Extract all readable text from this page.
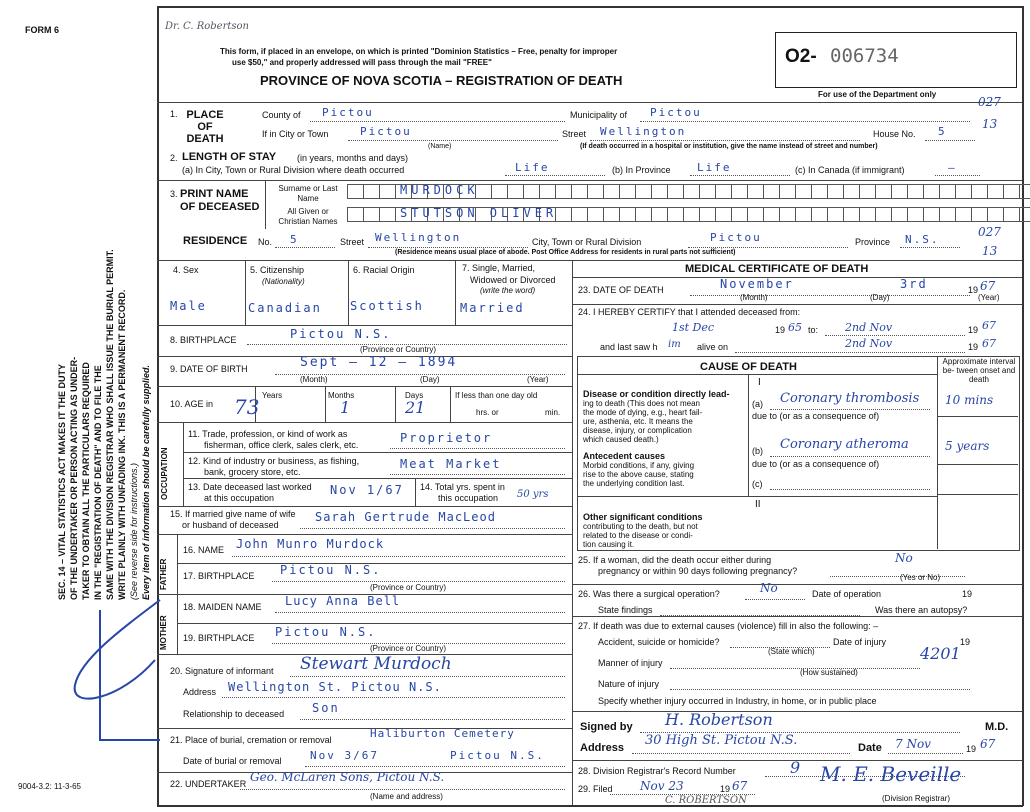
FORM 6
9004-3.2: 11-3-65
SEC. 14 – VITAL STATISTICS ACT MAKES IT THE DUTY OF THE UNDERTAKER OR PERSON ACTING AS UNDER- TAKER TO OBTAIN ALL THE PARTICULARS REQUIRED IN THE "REGISTRATION OF DEATH" AND TO FILE THE SAME WITH THE DIVISION REGISTRAR WHO SHALL ISSUE THE BURIAL PERMIT. WRITE PLAINLY WITH UNFADING INK. THIS IS A PERMANENT RECORD. (See reverse side for instructions.) Every item of information should be carefully supplied.
Dr. C. Robertson
This form, if placed in an envelope, on which is printed "Dominion Statistics – Free, penalty for improper
use $50," and properly addressed will pass through the mail "FREE"
PROVINCE OF NOVA SCOTIA – REGISTRATION OF DEATH
O2- 006734
For use of the Department only
027
13
1. PLACE OF DEATH
County of Pictou	Municipality of Pictou
If in City or Town	Pictou
(Name)
Street Wellington	House No. 5
(If death occurred in a hospital or institution, give the name instead of street and number)
2. LENGTH OF STAY (in years, months and days)
(a) In City, Town or Rural Division where death occurred	Life	(b) In Province Life	(c) In Canada (if immigrant)	—
3. PRINT NAME OF DECEASED
Surname or Last Name
All Given or Christian Names
MURDOCK
STUTSON OLIVER
RESIDENCE No. 5	Street Wellington	City, Town or Rural Division	Pictou	Province N.S.
027
13
(Residence means usual place of abode. Post Office Address for residents in rural parts not sufficient)
4. Sex
Male
5. Citizenship
(Nationality)
Canadian
6. Racial Origin
Scottish
7. Single, Married,
Widowed or Divorced
(write the word)
Married
8. BIRTHPLACE	Pictou N.S.
(Province or Country)
9. DATE OF BIRTH	Sept – 12 – 1894
(Month)	(Day)	(Year)
10. AGE in
Years	Months	Days
73	1	21
If less than one day old
hrs. or	min.
OCCUPATION
11. Trade, profession, or kind of work as
fisherman, office clerk, sales clerk, etc.	Proprietor
12. Kind of industry or business, as fishing,
bank, grocery store, etc.
Meat Market
13. Date deceased last worked
at this occupation
Nov 1/67 14. Total yrs. spent in
this occupation 50 yrs
15. If married give name of wife
or husband of deceased
Sarah Gertrude MacLeod
FATHER
16. NAME John Munro Murdock
17. BIRTHPLACE Pictou N.S.
(Province or Country)
MOTHER
18. MAIDEN NAME Lucy Anna Bell
19. BIRTHPLACE Pictou N.S.
(Province or Country)
20. Signature of informant Stewart Murdoch
Address Wellington St. Pictou N.S.
Relationship to deceased Son
21. Place of burial, cremation or removal	Haliburton Cemetery
Date of burial or removal	Nov 3/67	Pictou N.S.
22. UNDERTAKER Geo. McLaren Sons, Pictou N.S.
(Name and address)
MEDICAL CERTIFICATE OF DEATH
23. DATE OF DEATH	November	3rd	19 67
(Month)	(Day)	(Year)
24. I HEREBY CERTIFY that I attended deceased from:
1st Dec	19 65 to: 2nd Nov	19 67
and last saw h im alive on	2nd Nov	19 67
CAUSE OF DEATH	Approximate interval be- tween onset and death
I
Disease or condition directly lead-
ing to death (This does not mean
the mode of dying, e.g., heart fail-
ure, asthenia, etc. It means the
disease, injury, or complication
which caused death.)
(a) Coronary thrombosis
due to (or as a consequence of)
10 mins
Antecedent causes
Morbid conditions, if any, giving
rise to the above cause, stating
the underlying condition last.
(b) Coronary atheroma
due to (or as a consequence of)
5 years
(c)
II
Other significant conditions
contributing to the death, but not
related to the disease or condi-
tion causing it.
25. If a woman, did the death occur either during
pregnancy or within 90 days following pregnancy?
No
(Yes or No)
26. Was there a surgical operation?	No	Date of operation	19
State findings	Was there an autopsy?
27. If death was due to external causes (violence) fill in also the following: –
Accident, suicide or homicide?
(State which)
Date of injury	19
4201
Manner of injury
(How sustained)
Nature of injury
Specify whether injury occurred in Industry, in home, or in public place
Signed by H. Robertson	M.D.
Address 30 High St. Pictou N.S.	Date 7 Nov	19 67
28. Division Registrar's Record Number	9
29. Filed Nov 23	19 67	M. E. Beveille
(Division Registrar)
C. ROBERTSON
